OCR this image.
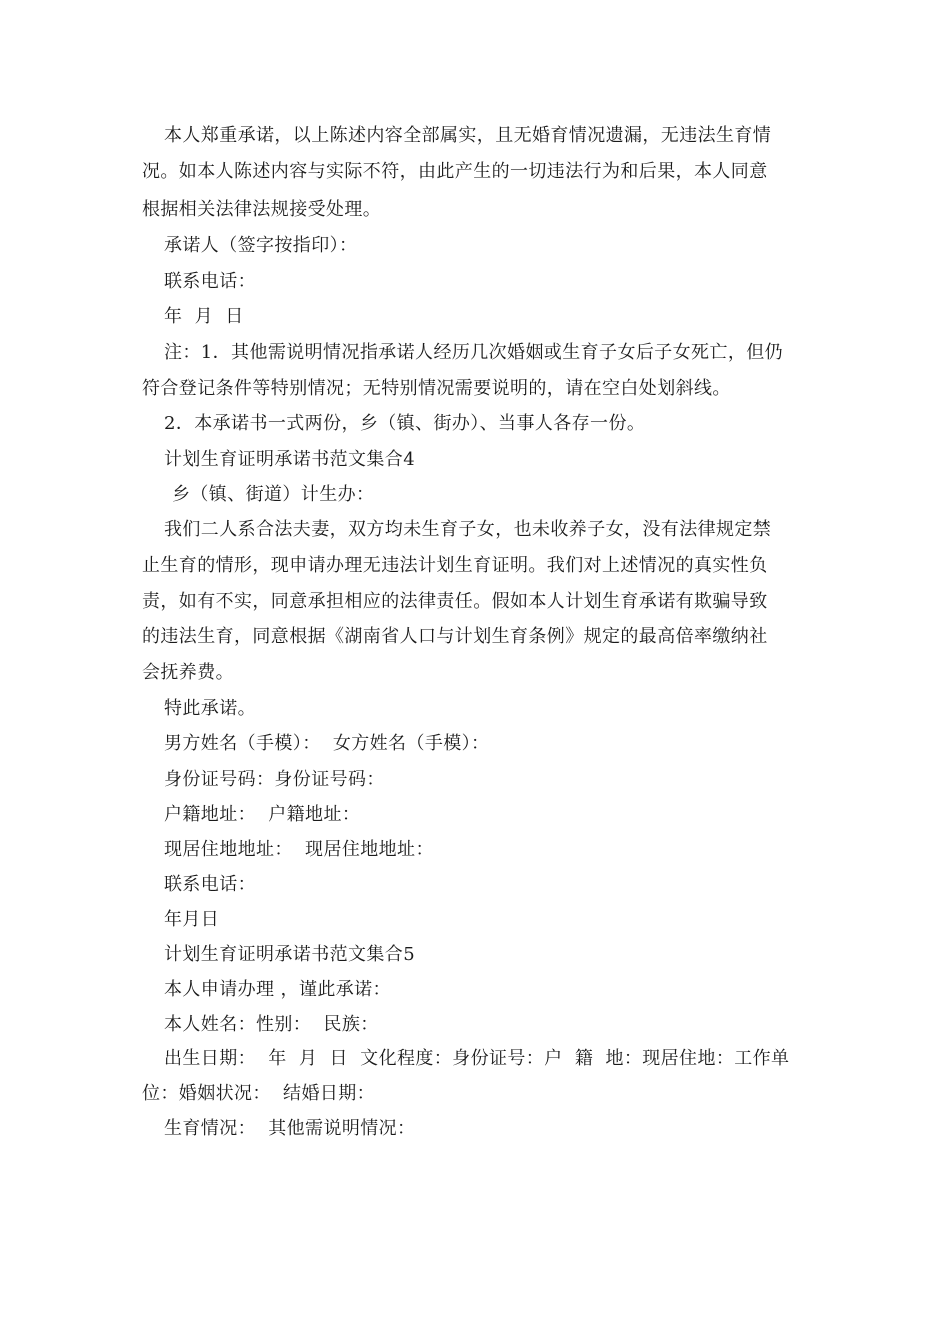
本人郑重承诺，以上陈述内容全部属实，且无婚育情况遗漏，无违法生育情
况。如本人陈述内容与实际不符，由此产生的一切违法行为和后果，本人同意
根据相关法律法规接受处理。
承诺人（签字按指印）：
联系电话：
年  月  日
注：1．其他需说明情况指承诺人经历几次婚姻或生育子女后子女死亡，但仍
符合登记条件等特别情况；无特别情况需要说明的，请在空白处划斜线。
2．本承诺书一式两份，乡（镇、街办）、当事人各存一份。
计划生育证明承诺书范文集合4
乡（镇、街道）计生办：
我们二人系合法夫妻，双方均未生育子女，也未收养子女，没有法律规定禁
止生育的情形，现申请办理无违法计划生育证明。我们对上述情况的真实性负
责，如有不实，同意承担相应的法律责任。假如本人计划生育承诺有欺骗导致
的违法生育，同意根据《湖南省人口与计划生育条例》规定的最高倍率缴纳社
会抚养费。
特此承诺。
男方姓名（手模）：  女方姓名（手模）：
身份证号码：身份证号码：
户籍地址：  户籍地址：
现居住地地址：  现居住地地址：
联系电话：
年月日
计划生育证明承诺书范文集合5
本人申请办理 ，谨此承诺：
本人姓名：性别：  民族：
出生日期：  年  月  日  文化程度：身份证号：户  籍  地：现居住地：工作单
位：婚姻状况：  结婚日期：
生育情况：  其他需说明情况：
